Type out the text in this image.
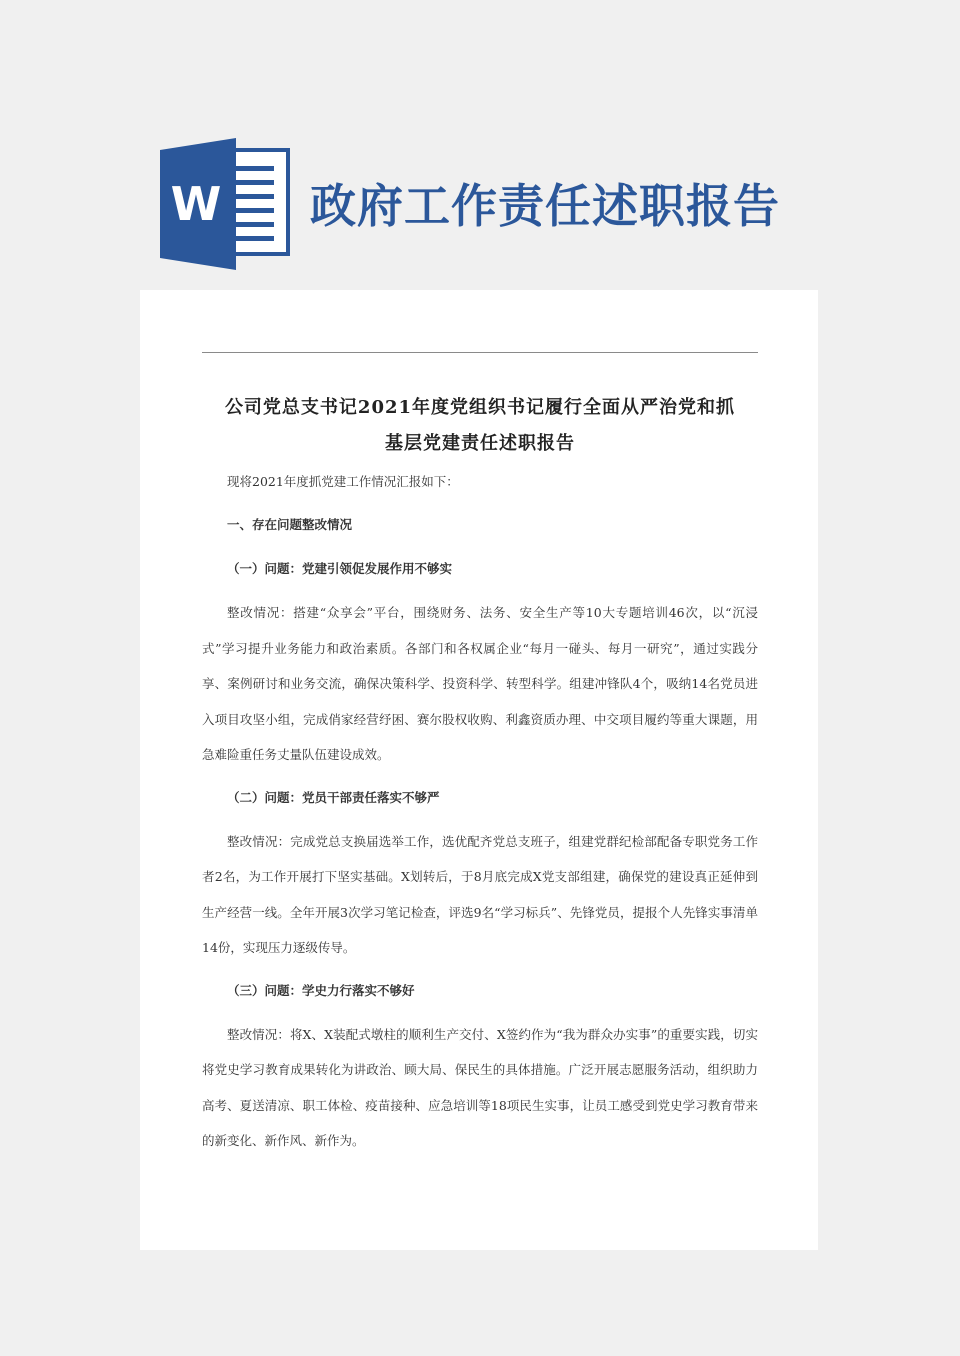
W 政府工作责任述职报告
公司党总支书记2021年度党组织书记履行全面从严治党和抓
基层党建责任述职报告

现将2021年度抓党建工作情况汇报如下：

一、存在问题整改情况

（一）问题：党建引领促发展作用不够实

整改情况：搭建“众享会”平台，围绕财务、法务、安全生产等10大专题培训46次，以“沉浸式”学习提升业务能力和政治素质。各部门和各权属企业“每月一碰头、每月一研究”，通过实践分享、案例研讨和业务交流，确保决策科学、投资科学、转型科学。组建冲锋队4个，吸纳14名党员进入项目攻坚小组，完成俏家经营纾困、赛尔股权收购、利鑫资质办理、中交项目履约等重大课题，用急难险重任务丈量队伍建设成效。

（二）问题：党员干部责任落实不够严

整改情况：完成党总支换届选举工作，选优配齐党总支班子，组建党群纪检部配备专职党务工作者2名，为工作开展打下坚实基础。X划转后，于8月底完成X党支部组建，确保党的建设真正延伸到生产经营一线。全年开展3次学习笔记检查，评选9名“学习标兵”、先锋党员，提报个人先锋实事清单14份，实现压力逐级传导。

（三）问题：学史力行落实不够好

整改情况：将X、X装配式墩柱的顺利生产交付、X签约作为“我为群众办实事”的重要实践，切实将党史学习教育成果转化为讲政治、顾大局、保民生的具体措施。广泛开展志愿服务活动，组织助力高考、夏送清凉、职工体检、疫苗接种、应急培训等18项民生实事，让员工感受到党史学习教育带来的新变化、新作风、新作为。
